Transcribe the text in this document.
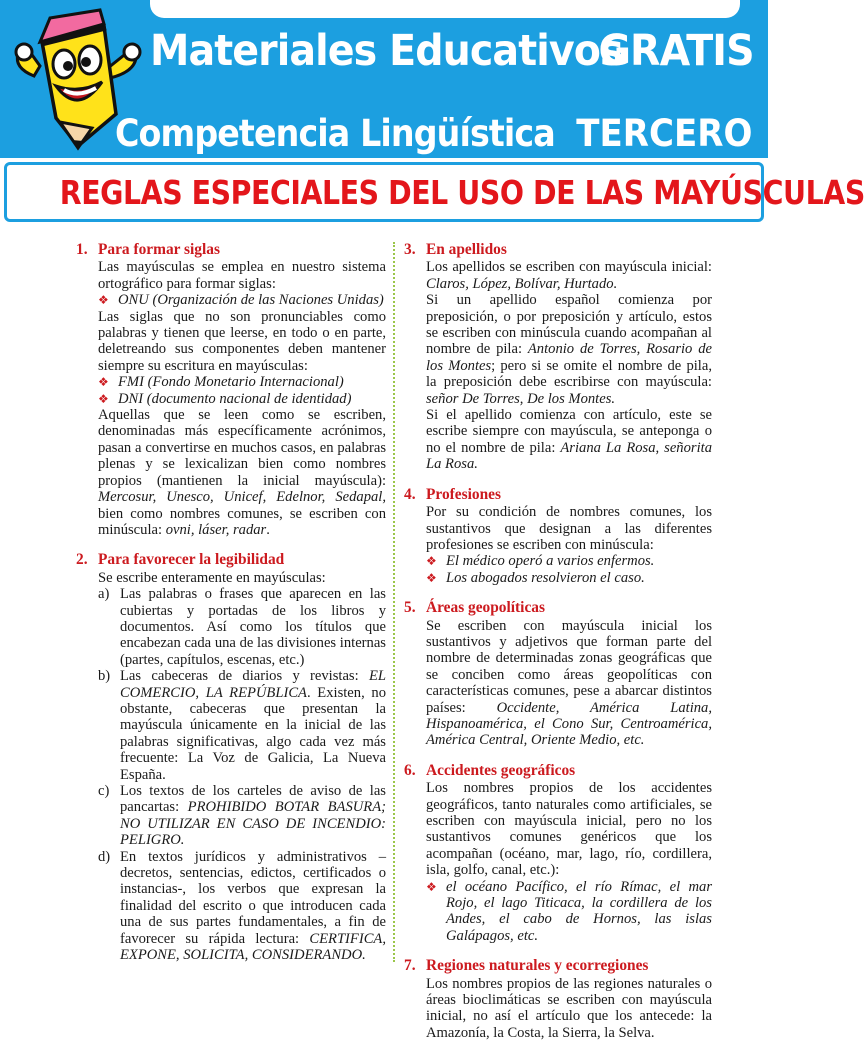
Materiales Educativos
GRATIS
Competencia Lingüística TERCERO
REGLAS ESPECIALES DEL USO DE LAS MAYÚSCULAS
1. Para formar siglas

Las mayúsculas se emplea en nuestro sistema ortográfico para formar siglas:

❖ ONU (Organización de las Naciones Unidas)

Las siglas que no son pronunciables como palabras y tienen que leerse, en todo o en parte, deletreando sus componentes deben mantener siempre su escritura en mayúsculas:

❖ FMI (Fondo Monetario Internacional)
❖ DNI (documento nacional de identidad)

Aquellas que se leen como se escriben, denominadas más específicamente acrónimos, pasan a convertirse en muchos casos, en palabras plenas y se lexicalizan bien como nombres propios (mantienen la inicial mayúscula): Mercosur, Unesco, Unicef, Edelnor, Sedapal, bien como nombres comunes, se escriben con minúscula: ovni, láser, radar.

2. Para favorecer la legibilidad

Se escribe enteramente en mayúsculas:

a) Las palabras o frases que aparecen en las cubiertas y portadas de los libros y documentos. Así como los títulos que encabezan cada una de las divisiones internas (partes, capítulos, escenas, etc.)
b) Las cabeceras de diarios y revistas: EL COMERCIO, LA REPÚBLICA. Existen, no obstante, cabeceras que presentan la mayúscula únicamente en la inicial de las palabras significativas, algo cada vez más frecuente: La Voz de Galicia, La Nueva España.
c) Los textos de los carteles de aviso de las pancartas: PROHIBIDO BOTAR BASURA; NO UTILIZAR EN CASO DE INCENDIO: PELIGRO.
d) En textos jurídicos y administrativos –decretos, sentencias, edictos, certificados o instancias-, los verbos que expresan la finalidad del escrito o que introducen cada una de sus partes fundamentales, a fin de favorecer su rápida lectura: CERTIFICA, EXPONE, SOLICITA, CONSIDERANDO.
3. En apellidos

Los apellidos se escriben con mayúscula inicial: Claros, López, Bolívar, Hurtado.

Si un apellido español comienza por preposición, o por preposición y artículo, estos se escriben con minúscula cuando acompañan al nombre de pila: Antonio de Torres, Rosario de los Montes; pero si se omite el nombre de pila, la preposición debe escribirse con mayúscula: señor De Torres, De los Montes.

Si el apellido comienza con artículo, este se escribe siempre con mayúscula, se anteponga o no el nombre de pila: Ariana La Rosa, señorita La Rosa.

4. Profesiones

Por su condición de nombres comunes, los sustantivos que designan a las diferentes profesiones se escriben con minúscula:

❖ El médico operó a varios enfermos.
❖ Los abogados resolvieron el caso.
5. Áreas geopolíticas

Se escriben con mayúscula inicial los sustantivos y adjetivos que forman parte del nombre de determinadas zonas geográficas que se conciben como áreas geopolíticas con características comunes, pese a abarcar distintos países: Occidente, América Latina, Hispanoamérica, el Cono Sur, Centroamérica, América Central, Oriente Medio, etc.

6. Accidentes geográficos

Los nombres propios de los accidentes geográficos, tanto naturales como artificiales, se escriben con mayúscula inicial, pero no los sustantivos comunes genéricos que los acompañan (océano, mar, lago, río, cordillera, isla, golfo, canal, etc.):

❖ el océano Pacífico, el río Rímac, el mar Rojo, el lago Titicaca, la cordillera de los Andes, el cabo de Hornos, las islas Galápagos, etc.
7. Regiones naturales y ecorregiones

Los nombres propios de las regiones naturales o áreas bioclimáticas se escriben con mayúscula inicial, no así el artículo que los antecede: la Amazonía, la Costa, la Sierra, la Selva.
